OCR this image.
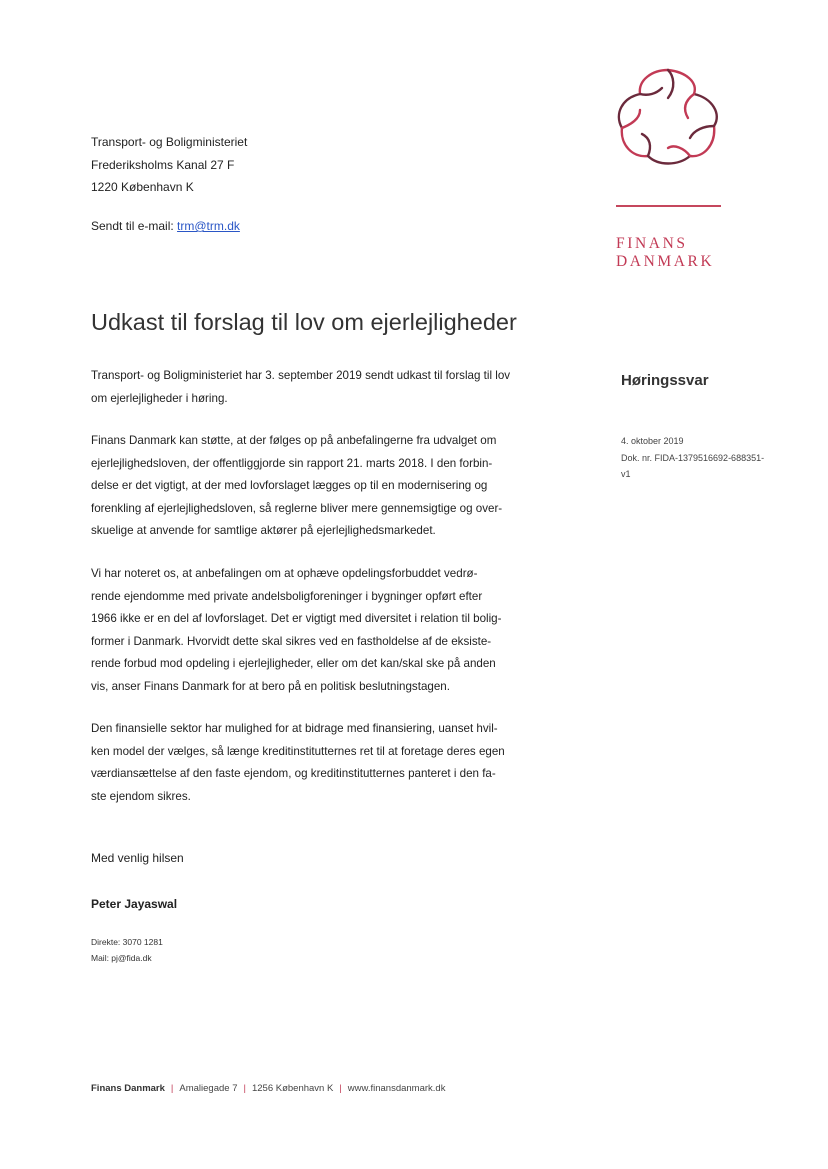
Transport- og Boligministeriet
Frederiksholms Kanal 27 F
1220 København K
Sendt til e-mail: trm@trm.dk
FINANS
DANMARK
Udkast til forslag til lov om ejerlejligheder
Høringssvar
4. oktober 2019
Dok. nr. FIDA-1379516692-688351-
v1
Transport- og Boligministeriet har 3. september 2019 sendt udkast til forslag til lov
om ejerlejligheder i høring.
Finans Danmark kan støtte, at der følges op på anbefalingerne fra udvalget om
ejerlejlighedsloven, der offentliggjorde sin rapport 21. marts 2018. I den forbin-
delse er det vigtigt, at der med lovforslaget lægges op til en modernisering og
forenkling af ejerlejlighedsloven, så reglerne bliver mere gennemsigtige og over-
skuelige at anvende for samtlige aktører på ejerlejlighedsmarkedet.
Vi har noteret os, at anbefalingen om at ophæve opdelingsforbuddet vedrø-
rende ejendomme med private andelsboligforeninger i bygninger opført efter
1966 ikke er en del af lovforslaget. Det er vigtigt med diversitet i relation til bolig-
former i Danmark. Hvorvidt dette skal sikres ved en fastholdelse af de eksiste-
rende forbud mod opdeling i ejerlejligheder, eller om det kan/skal ske på anden
vis, anser Finans Danmark for at bero på en politisk beslutningstagen.
Den finansielle sektor har mulighed for at bidrage med finansiering, uanset hvil-
ken model der vælges, så længe kreditinstitutternes ret til at foretage deres egen
værdiansættelse af den faste ejendom, og kreditinstitutternes panteret i den fa-
ste ejendom sikres.
Med venlig hilsen
Peter Jayaswal
Direkte: 3070 1281
Mail: pj@fida.dk
Finans Danmark | Amaliegade 7 | 1256 København K | www.finansdanmark.dk
